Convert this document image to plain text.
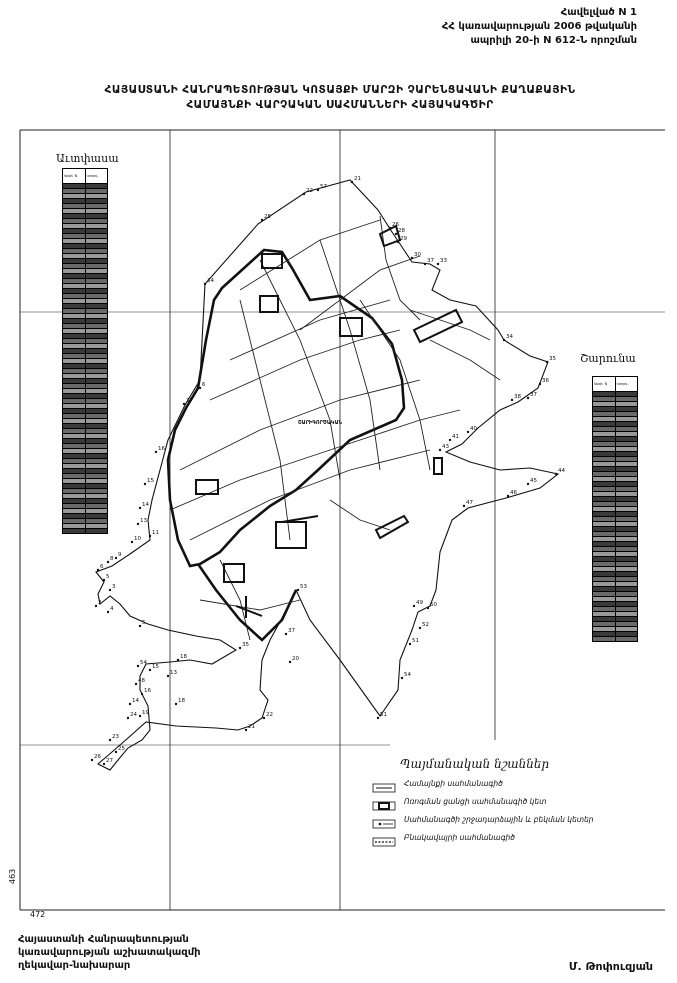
Հավելված N 1
ՀՀ կառավարության 2006 թվականի
ապրիլի 20-ի N 612-Ն որոշման
ՀԱՅԱՍՏԱՆԻ ՀԱՆՐԱՊԵՏՈՒԹՅԱՆ ԿՈՏԱՅՔԻ ՄԱՐԶԻ ՉԱՐԵՆՑԱՎԱՆԻ ՔԱՂԱՔԱՅԻՆ
ՀԱՄԱՅՆՔԻ ՎԱՐՉԱԿԱՆ ՍԱՀՄԱՆՆԵՐԻ ՀԱՅԱԿԱԳԾԻՐ
22
57
21
25
26
28
29
30
37 33
34
34
35
36
37
38
6
37
40
41
43
16
44
45
46
47
15
14
13
11
10
9
8
6
5
3
2
4
5
49 50
52
51
53
37
35
20
18
54
15
13
48
16
18
14
54
24 19	22
23
21
25
26
27
51
Աւտփասա
Շարունա
Կետի N	Կոորդ.

Կետի N	Կոորդ.

ՇԱՐԻԳՈՐԾԱԿԱՆ
Պայմանական նշաններ
Համայնքի սահմանագիծ
Ոռոգման ցանցի սահմանագիծ կետ
Սահմանագծի շրջադարձային և բեկման կետեր
Բնակավայրի սահմանագիծ
463
472
Հայաստանի Հանրապետության
կառավարության աշխատակազմի
ղեկավար-նախարար	Մ. Թոփուզյան
